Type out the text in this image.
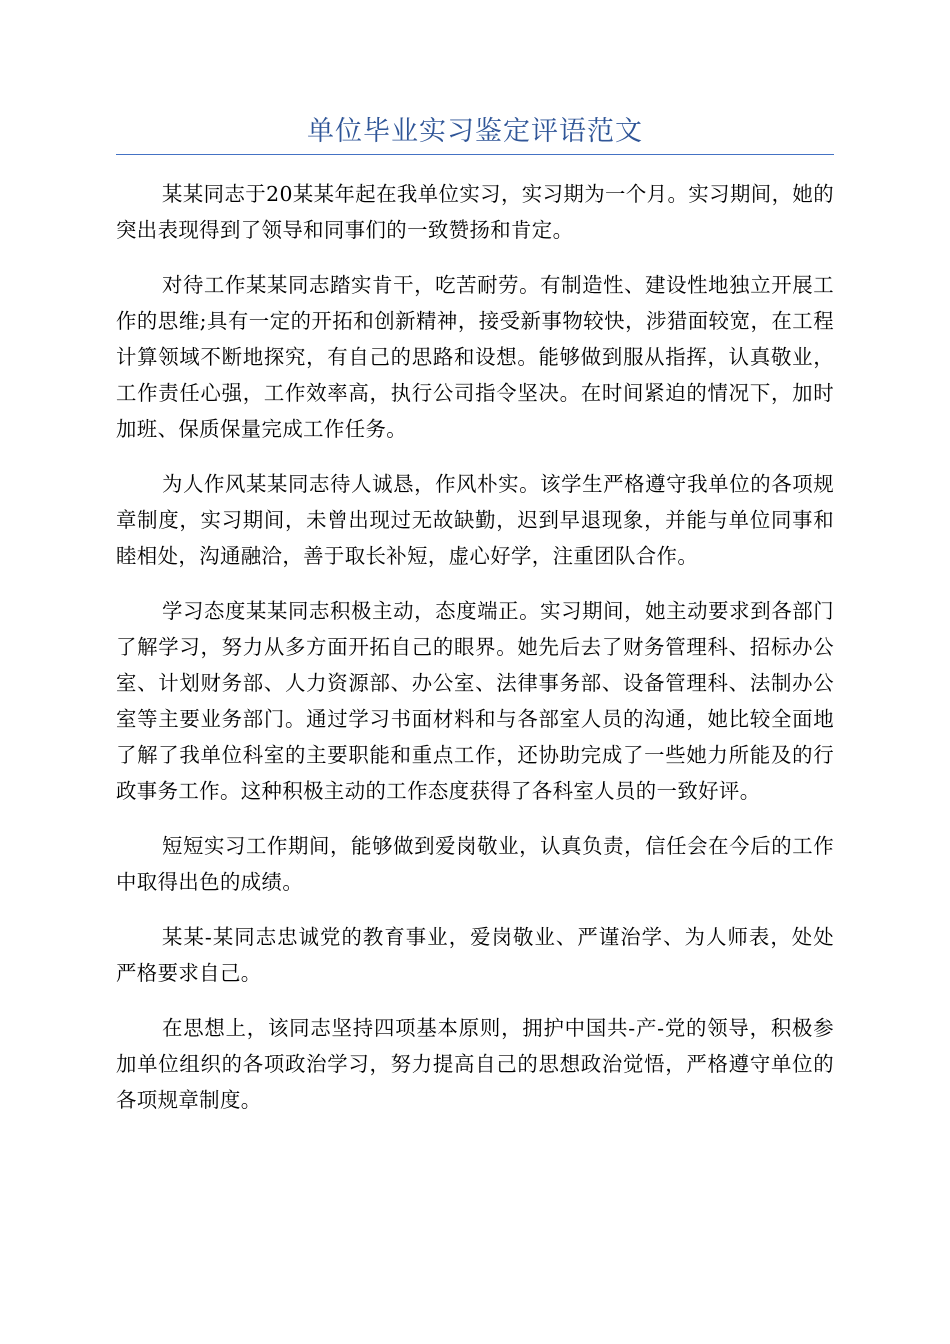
单位毕业实习鉴定评语范文

某某同志于20某某年起在我单位实习，实习期为一个月。实习期间，她的突出表现得到了领导和同事们的一致赞扬和肯定。

对待工作某某同志踏实肯干，吃苦耐劳。有制造性、建设性地独立开展工作的思维;具有一定的开拓和创新精神，接受新事物较快，涉猎面较宽，在工程计算领域不断地探究，有自己的思路和设想。能够做到服从指挥，认真敬业，工作责任心强，工作效率高，执行公司指令坚决。在时间紧迫的情况下，加时加班、保质保量完成工作任务。

为人作风某某同志待人诚恳，作风朴实。该学生严格遵守我单位的各项规章制度，实习期间，未曾出现过无故缺勤，迟到早退现象，并能与单位同事和睦相处，沟通融洽，善于取长补短，虚心好学，注重团队合作。

学习态度某某同志积极主动，态度端正。实习期间，她主动要求到各部门了解学习，努力从多方面开拓自己的眼界。她先后去了财务管理科、招标办公室、计划财务部、人力资源部、办公室、法律事务部、设备管理科、法制办公室等主要业务部门。通过学习书面材料和与各部室人员的沟通，她比较全面地了解了我单位科室的主要职能和重点工作，还协助完成了一些她力所能及的行政事务工作。这种积极主动的工作态度获得了各科室人员的一致好评。

短短实习工作期间，能够做到爱岗敬业，认真负责，信任会在今后的工作中取得出色的成绩。

某某-某同志忠诚党的教育事业，爱岗敬业、严谨治学、为人师表，处处严格要求自己。

在思想上，该同志坚持四项基本原则，拥护中国共-产-党的领导，积极参加单位组织的各项政治学习，努力提高自己的思想政治觉悟，严格遵守单位的各项规章制度。
